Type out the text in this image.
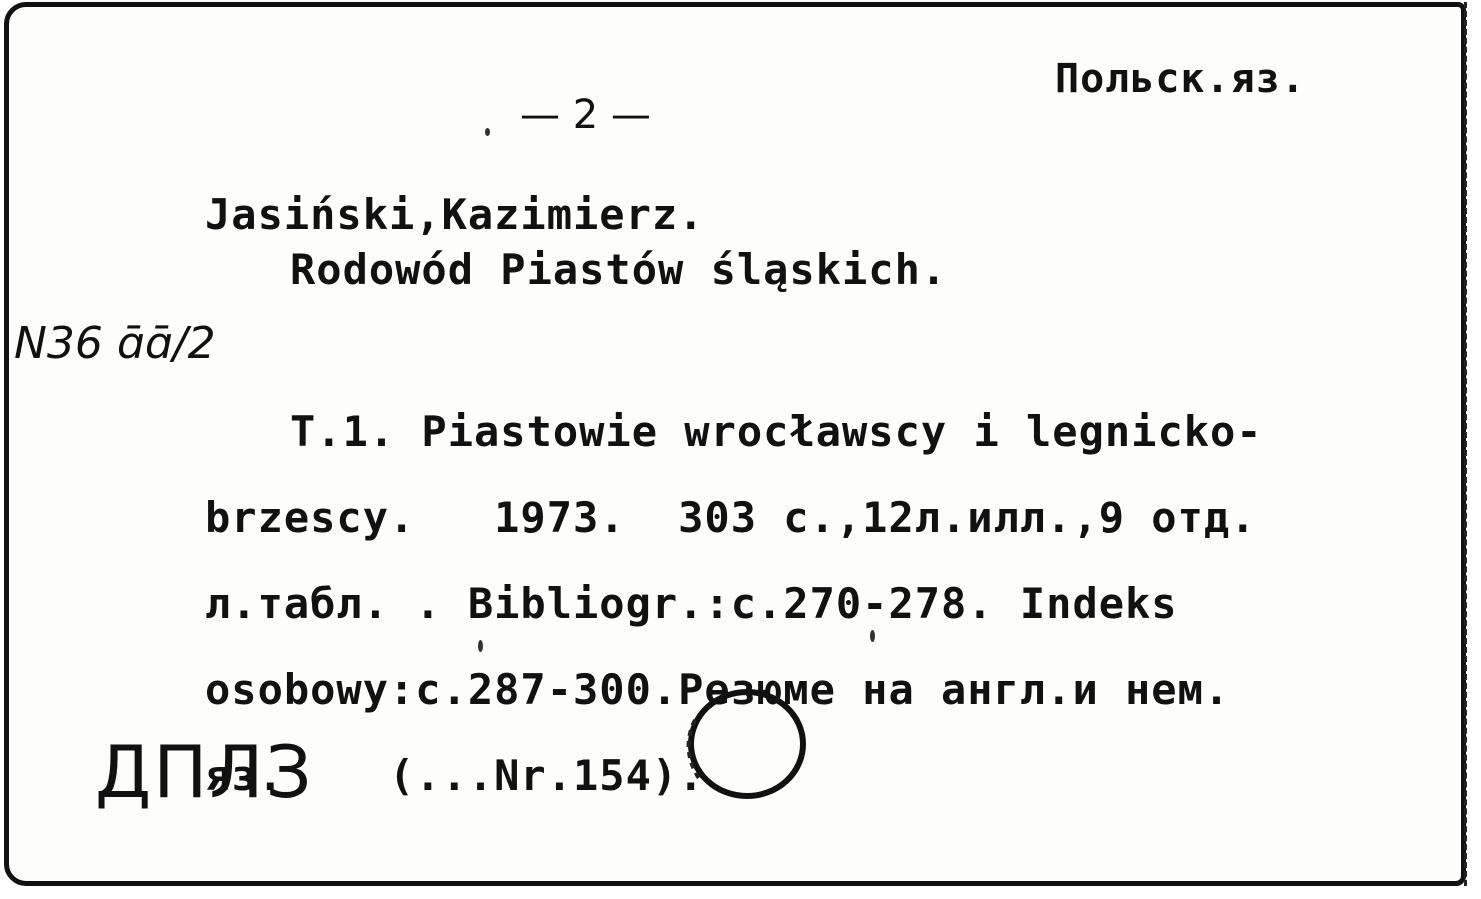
Польск.яз.
— 2 —
Jasiński,Kazimierz.
Rodowód Piastów śląskich.
N36 ɑ̄ɑ̄/2

T.1. Piastowie wrocławscy i legnicko-

brzescy.   1973.  303 c.,12л.илл.,9 отд.

л.табл. . Bibliogr.:c.270-278. Indeks

osobowy:c.287-300.Резюме на англ.и нем.

яз.    (...Nr.154).

ДПЛЗ
